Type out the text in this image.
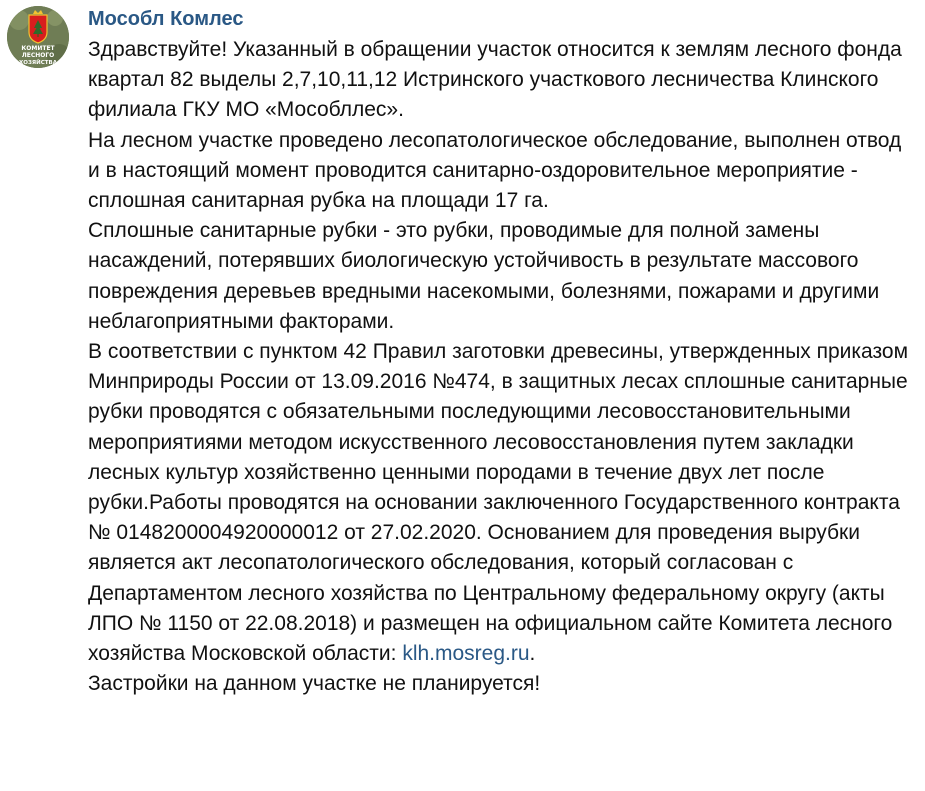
КОМИТЕТ
ЛЕСНОГО
ХОЗЯЙСТВА
Мособл Комлес

Здравствуйте! Указанный в обращении участок относится к землям лесного фонда квартал 82 выделы 2,7,10,11,12 Истринского участкового лесничества Клинского филиала ГКУ МО «Мособллес».

На лесном участке проведено лесопатологическое обследование, выполнен отвод и в настоящий момент проводится санитарно-оздоровительное мероприятие - сплошная санитарная рубка на площади 17 га.

Сплошные санитарные рубки - это рубки, проводимые для полной замены насаждений, потерявших биологическую устойчивость в результате массового повреждения деревьев вредными насекомыми, болезнями, пожарами и другими неблагоприятными факторами.

В соответствии с пунктом 42 Правил заготовки древесины, утвержденных приказом Минприроды России от 13.09.2016 №474, в защитных лесах сплошные санитарные рубки проводятся с обязательными последующими лесовосстановительными мероприятиями методом искусственного лесовосстановления путем закладки лесных культур хозяйственно ценными породами в течение двух лет после рубки.Работы проводятся на основании заключенного Государственного контракта № 0148200004920000012 от 27.02.2020. Основанием для проведения вырубки является акт лесопатологического обследования, который согласован с Департаментом лесного хозяйства по Центральному федеральному округу (акты ЛПО № 1150 от 22.08.2018) и размещен на официальном сайте Комитета лесного хозяйства Московской области: klh.mosreg.ru.

Застройки на данном участке не планируется!
